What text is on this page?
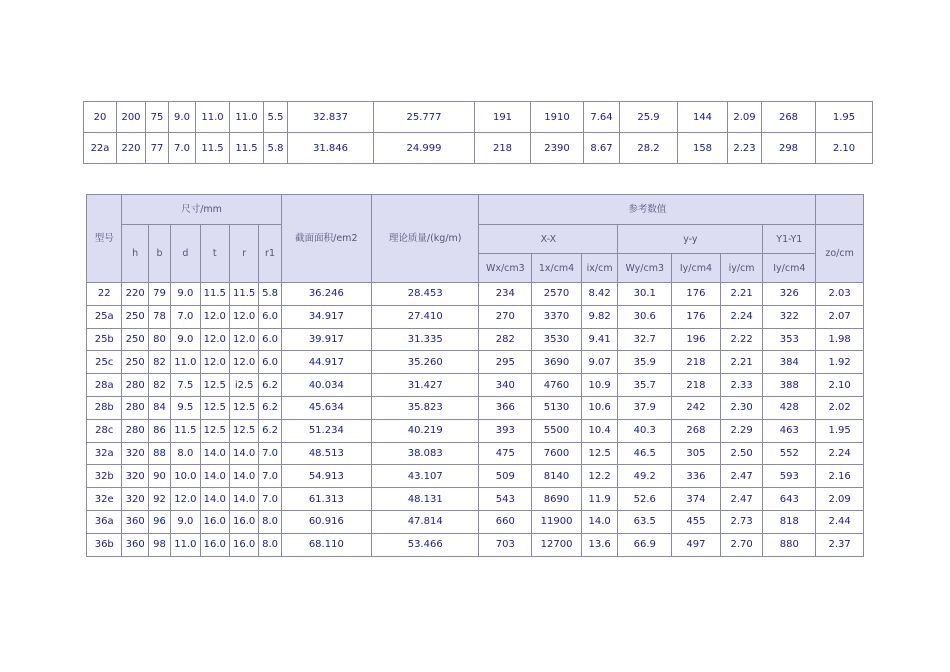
20	200	75	9.0	11.0	11.0	5.5	32.837	25.777	191	1910	7.64	25.9	144	2.09	268	1.95
22a	220	77	7.0	11.5	11.5	5.8	31.846	24.999	218	2390	8.67	28.2	158	2.23	298	2.10
型号	尺寸/mm						截面面积/em2	理论质量/(kg/m)	参考数值							
	h	b	d	t	r	r1			X-X			y-y			Y1-Y1	zo/cm
									Wx/cm3	1x/cm4	ix/cm	Wy/cm3	Iy/cm4	iy/cm	Iy/cm4	
22	220	79	9.0	11.5	11.5	5.8	36.246	28.453	234	2570	8.42	30.1	176	2.21	326	2.03
25a	250	78	7.0	12.0	12.0	6.0	34.917	27.410	270	3370	9.82	30.6	176	2.24	322	2.07
25b	250	80	9.0	12.0	12.0	6.0	39.917	31.335	282	3530	9.41	32.7	196	2.22	353	1.98
25c	250	82	11.0	12.0	12.0	6.0	44.917	35.260	295	3690	9.07	35.9	218	2.21	384	1.92
28a	280	82	7.5	12.5	i2.5	6.2	40.034	31.427	340	4760	10.9	35.7	218	2.33	388	2.10
28b	280	84	9.5	12.5	12.5	6.2	45.634	35.823	366	5130	10.6	37.9	242	2.30	428	2.02
28c	280	86	11.5	12.5	12.5	6.2	51.234	40.219	393	5500	10.4	40.3	268	2.29	463	1.95
32a	320	88	8.0	14.0	14.0	7.0	48.513	38.083	475	7600	12.5	46.5	305	2.50	552	2.24
32b	320	90	10.0	14.0	14.0	7.0	54.913	43.107	509	8140	12.2	49.2	336	2.47	593	2.16
32e	320	92	12.0	14.0	14.0	7.0	61.313	48.131	543	8690	11.9	52.6	374	2.47	643	2.09
36a	360	96	9.0	16.0	16.0	8.0	60.916	47.814	660	11900	14.0	63.5	455	2.73	818	2.44
36b	360	98	11.0	16.0	16.0	8.0	68.110	53.466	703	12700	13.6	66.9	497	2.70	880	2.37
